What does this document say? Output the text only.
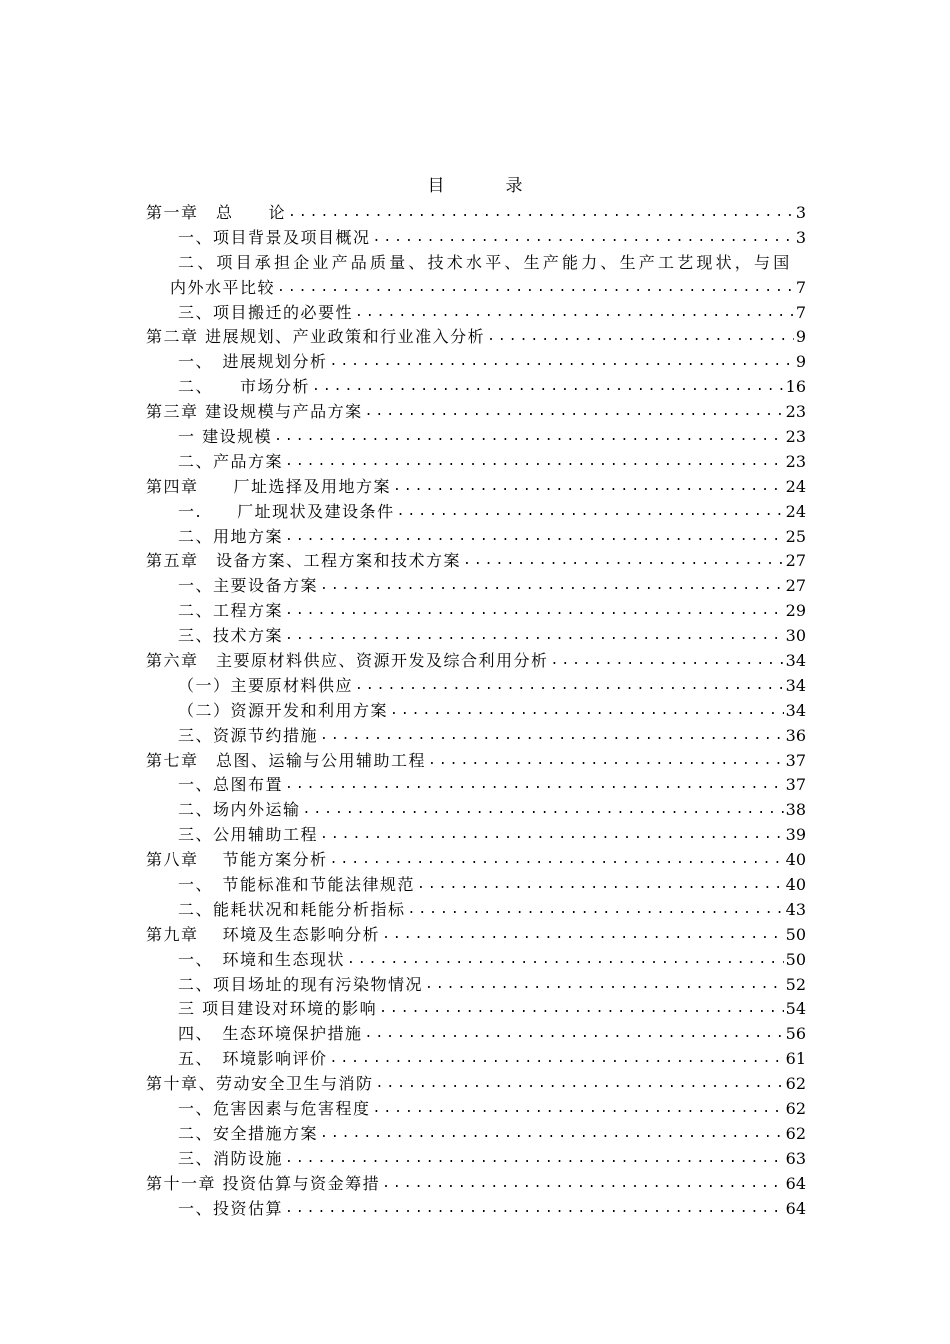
目　录
第一章　总　　论 .....	3
一、项目背景及项目概况 .....	3
二、项目承担企业产品质量、技术水平、生产能力、生产工艺现状，与国
内外水平比较 .....	7
三、项目搬迁的必要性 .....	7
第二章 进展规划、产业政策和行业准入分析 .....	9
一、　进展规划分析 .....	9
二、　　市场分析 .....	16
第三章 建设规模与产品方案 .....	23
一 建设规模 .....	23
二、产品方案 .....	23
第四章　　厂址选择及用地方案 .....	24
一.　　厂址现状及建设条件 .....	24
二、用地方案 .....	25
第五章　设备方案、工程方案和技术方案 .....	27
一、主要设备方案 .....	27
二、工程方案 .....	29
三、技术方案 .....	30
第六章　主要原材料供应、资源开发及综合利用分析 .....	34
（一）主要原材料供应 .....	34
（二）资源开发和利用方案 .....	34
三、资源节约措施 .....	36
第七章　总图、运输与公用辅助工程 .....	37
一、总图布置 .....	37
二、场内外运输 .....	38
三、公用辅助工程 .....	39
第八章　 节能方案分析 .....	40
一、　节能标准和节能法律规范 .....	40
二、能耗状况和耗能分析指标 .....	43
第九章　 环境及生态影响分析 .....	50
一、　环境和生态现状 .....	50
二、项目场址的现有污染物情况 .....	52
三 项目建设对环境的影响 .....	54
四、　生态环境保护措施 .....	56
五、　环境影响评价 .....	61
第十章、劳动安全卫生与消防 .....	62
一、危害因素与危害程度 .....	62
二、安全措施方案 .....	62
三、消防设施 .....	63
第十一章 投资估算与资金筹措 .....	64
一、投资估算 .....	64
